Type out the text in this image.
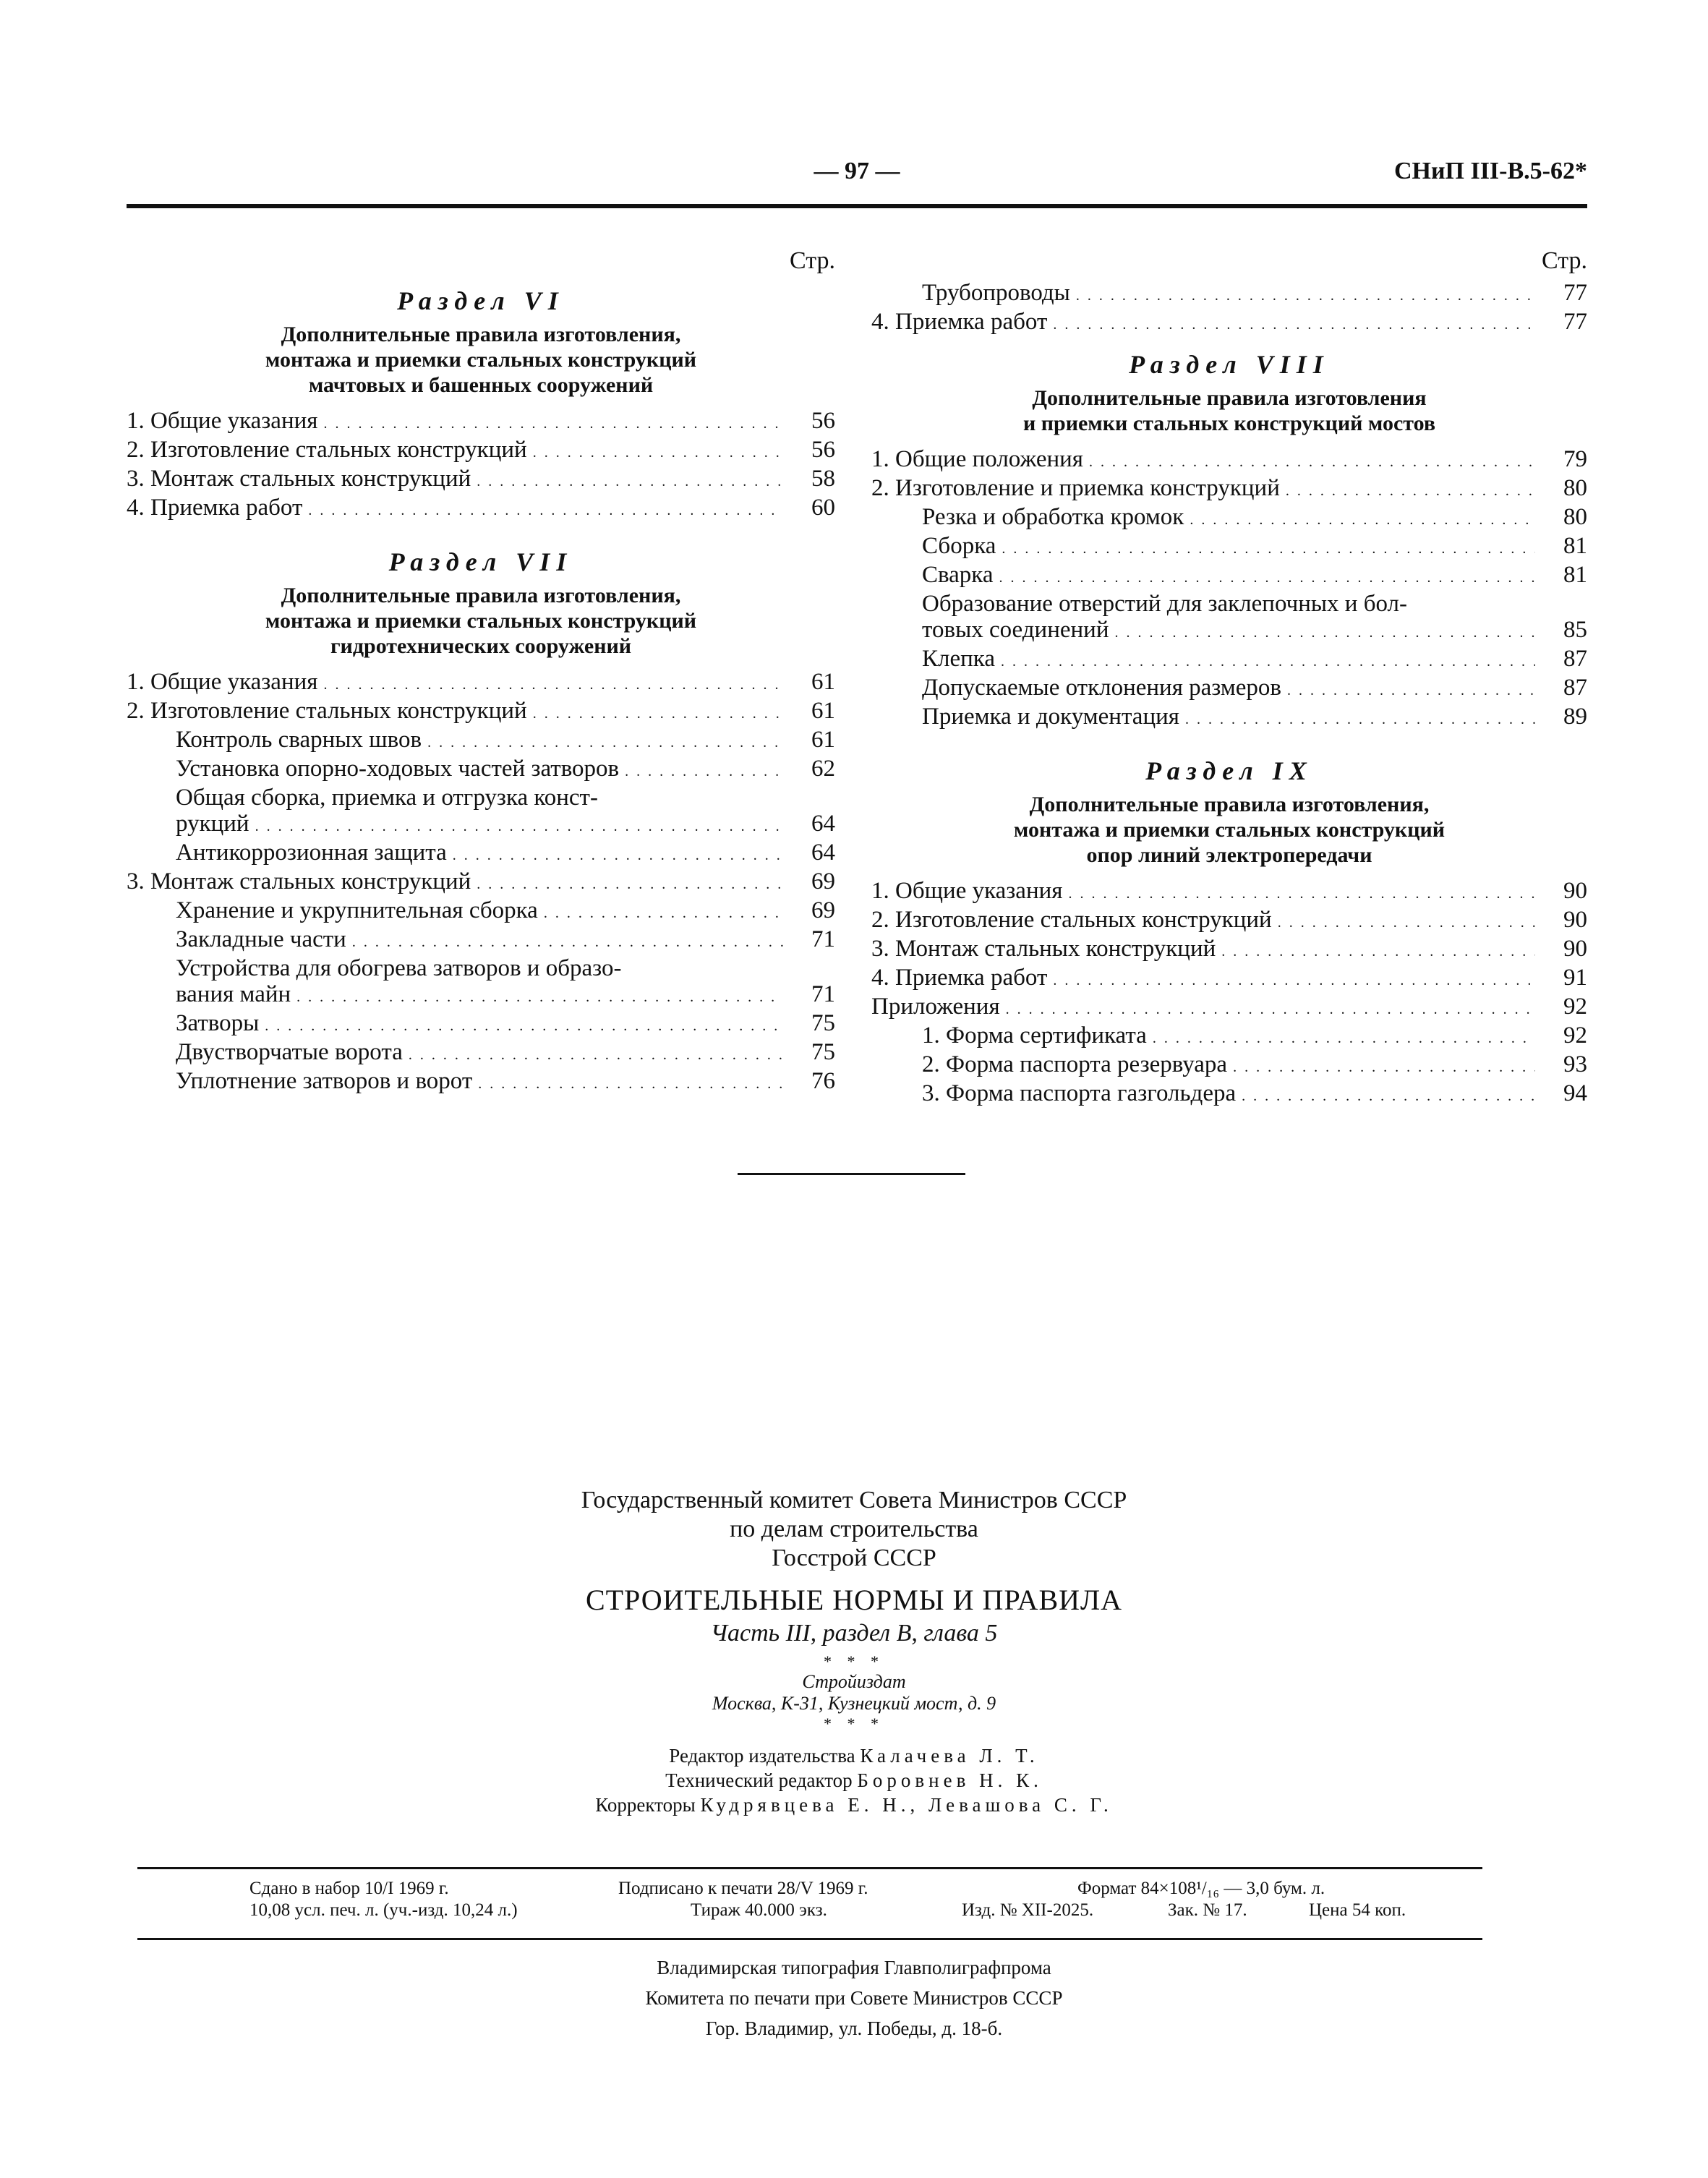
— 97 —	СНиП III-В.5-62*
Стр.
Раздел VI
Дополнительные правила изготовления,
монтажа и приемки стальных конструкций
мачтовых и башенных сооружений
1. Общие указания . . .	56
2. Изготовление стальных конструкций . . .	56
3. Монтаж стальных конструкций . . .	58
4. Приемка работ . . .	60
Раздел VII
Дополнительные правила изготовления,
монтажа и приемки стальных конструкций
гидротехнических сооружений
1. Общие указания . . .	61
2. Изготовление стальных конструкций . . .	61
Контроль сварных швов . . .	61
Установка опорно-ходовых частей затворов . . .	62
Общая сборка, приемка и отгрузка конст-
рукций . . .	64
Антикоррозионная защита . . .	64
3. Монтаж стальных конструкций . . .	69
Хранение и укрупнительная сборка . . .	69
Закладные части . . .	71
Устройства для обогрева затворов и образо-
вания майн . . .	71
Затворы . . .	75
Двустворчатые ворота . . .	75
Уплотнение затворов и ворот . . .	76
Стр.
Трубопроводы . . .	77
4. Приемка работ . . .	77
Раздел VIII
Дополнительные правила изготовления
и приемки стальных конструкций мостов
1. Общие положения . . .	79
2. Изготовление и приемка конструкций . . .	80
Резка и обработка кромок . . .	80
Сборка . . .	81
Сварка . . .	81
Образование отверстий для заклепочных и бол-
товых соединений . . .	85
Клепка . . .	87
Допускаемые отклонения размеров . . .	87
Приемка и документация . . .	89
Раздел IX
Дополнительные правила изготовления,
монтажа и приемки стальных конструкций
опор линий электропередачи
1. Общие указания . . .	90
2. Изготовление стальных конструкций . . .	90
3. Монтаж стальных конструкций . . .	90
4. Приемка работ . . .	91
Приложения . . .	92
1. Форма сертификата . . .	92
2. Форма паспорта резервуара . . .	93
3. Форма паспорта газгольдера . . .	94
Государственный комитет Совета Министров СССР
по делам строительства
Госстрой СССР
СТРОИТЕЛЬНЫЕ НОРМЫ И ПРАВИЛА
Часть III, раздел В, глава 5
* * *
Стройиздат
Москва, К-31, Кузнецкий мост, д. 9
* * *
Редактор издательства Калачева Л. Т.
Технический редактор Боровнев Н. К.
Корректоры Кудрявцева Е. Н., Левашова С. Г.
Сдано в набор 10/I 1969 г.	Подписано к печати 28/V 1969 г.	Формат 84×108¹/₁₆ — 3,0 бум. л.
10,08 усл. печ. л. (уч.-изд. 10,24 л.)	Тираж 40.000 экз.	Изд. № XII-2025.	Зак. № 17.	Цена 54 коп.
Владимирская типография Главполиграфпрома
Комитета по печати при Совете Министров СССР
Гор. Владимир, ул. Победы, д. 18-б.
